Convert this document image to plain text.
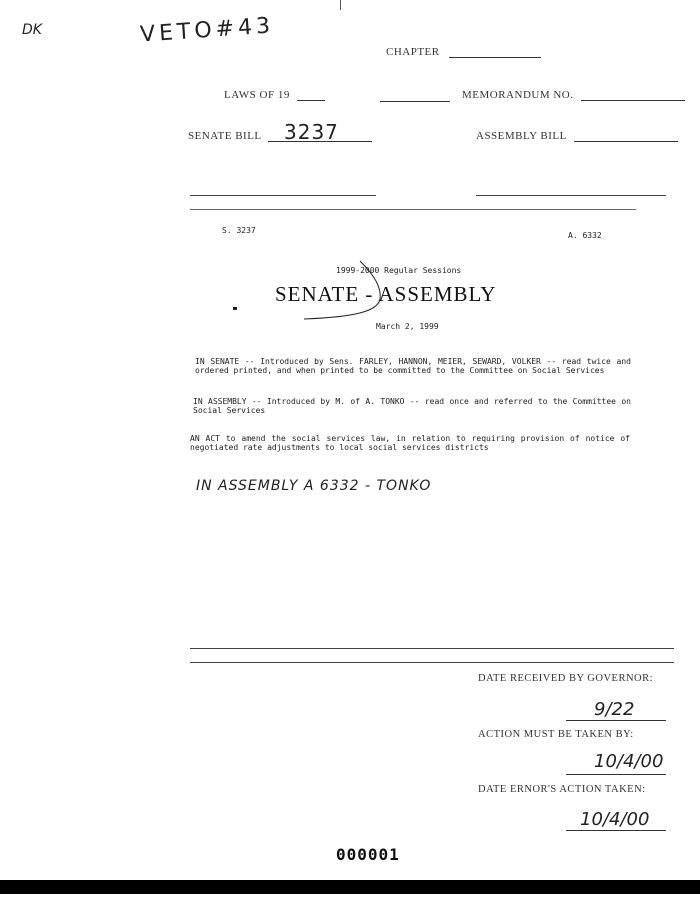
DK	VETO#43
CHAPTER
LAWS OF 19	MEMORANDUM NO.
SENATE BILL	3237	ASSEMBLY BILL
S. 3237
A. 6332
1999-2000 Regular Sessions
SENATE - ASSEMBLY
March 2, 1999
IN SENATE -- Introduced by Sens. FARLEY, HANNON, MEIER, SEWARD, VOLKER -- read twice and ordered printed, and when printed to be committed to the Committee on Social Services
IN ASSEMBLY -- Introduced by M. of A. TONKO -- read once and referred to the Committee on Social Services
AN ACT to amend the social services law, in relation to requiring provision of notice of negotiated rate adjustments to local social services districts
IN ASSEMBLY A 6332 - TONKO
DATE RECEIVED BY GOVERNOR:
9/22
ACTION MUST BE TAKEN BY:
10/4/00
DATE ERNOR'S ACTION TAKEN:
10/4/00
000001
